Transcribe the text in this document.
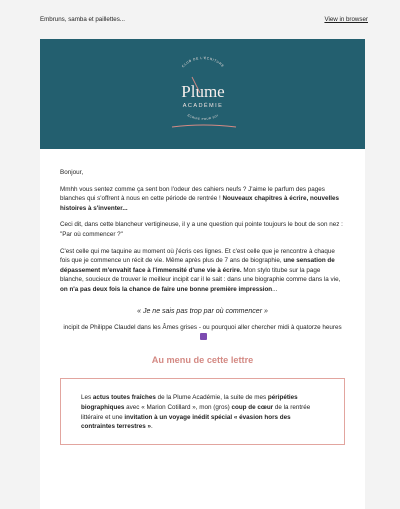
Embruns, samba et paillettes...	View in browser
CLUB DE L'ÉCRITURE
Plume
ACADÉMIE
ÉCRIRE POUR SOI

Bonjour,

Mmhh vous sentez comme ça sent bon l'odeur des cahiers neufs ? J'aime le parfum des pages blanches qui s'offrent à nous en cette période de rentrée ! Nouveaux chapitres à écrire, nouvelles histoires à s'inventer...

Ceci dit, dans cette blancheur vertigineuse, il y a une question qui pointe toujours le bout de son nez : "Par où commencer ?"

C'est celle qui me taquine au moment où j'écris ces lignes. Et c'est celle que je rencontre à chaque fois que je commence un récit de vie. Même après plus de 7 ans de biographie, une sensation de dépassement m'envahit face à l'immensité d'une vie à écrire. Mon stylo titube sur la page blanche, soucieux de trouver le meilleur incipit car il le sait : dans une biographie comme dans la vie, on n'a pas deux fois la chance de faire une bonne première impression...

« Je ne sais pas trop par où commencer »
incipit de Philippe Claudel dans les Âmes grises - ou pourquoi aller chercher midi à quatorze heures
Au menu de cette lettre
Les actus toutes fraîches de la Plume Académie, la suite de mes péripéties biographiques avec « Marion Cotillard », mon (gros) coup de cœur de la rentrée littéraire et une invitation à un voyage inédit spécial « évasion hors des contraintes terrestres ».
